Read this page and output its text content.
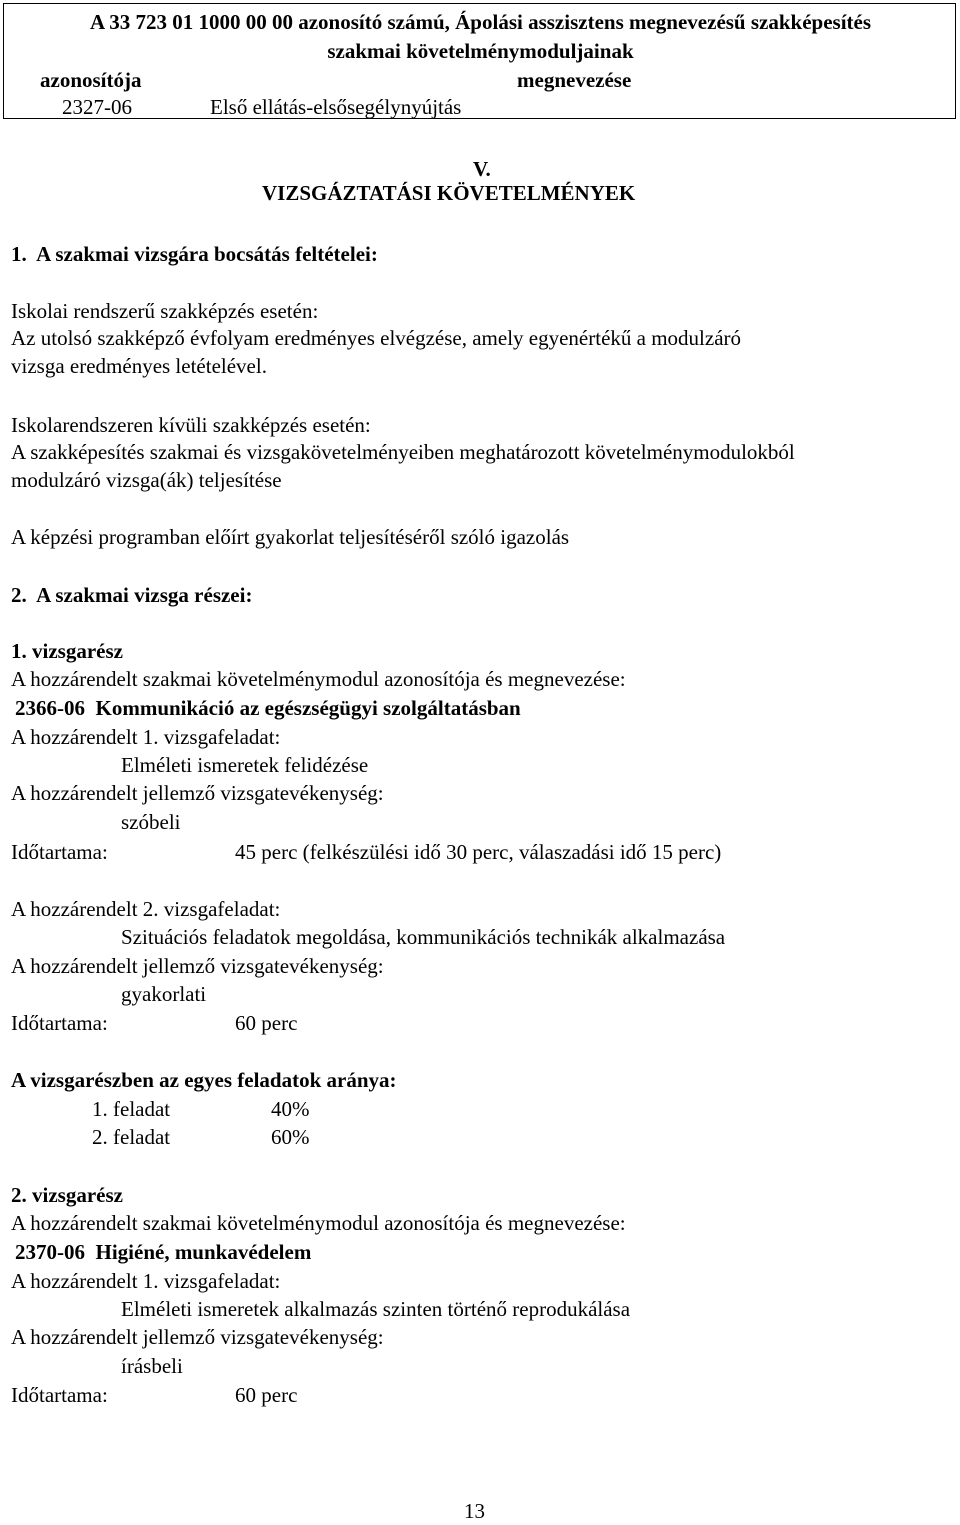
A 33 723 01 1000 00 00 azonosító számú, Ápolási asszisztens megnevezésű szakképesítés
szakmai követelménymoduljainak
azonosítója	megnevezése
2327-06	Első ellátás-elsősegélynyújtás
V.
VIZSGÁZTATÁSI KÖVETELMÉNYEK
1.  A szakmai vizsgára bocsátás feltételei:
Iskolai rendszerű szakképzés esetén:
Az utolsó szakképző évfolyam eredményes elvégzése, amely egyenértékű a modulzáró
vizsga eredményes letételével.
Iskolarendszeren kívüli szakképzés esetén:
A szakképesítés szakmai és vizsgakövetelményeiben meghatározott követelménymodulokból
modulzáró vizsga(ák) teljesítése
A képzési programban előírt gyakorlat teljesítéséről szóló igazolás
2.  A szakmai vizsga részei:
1. vizsgarész
A hozzárendelt szakmai követelménymodul azonosítója és megnevezése:
2366-06  Kommunikáció az egészségügyi szolgáltatásban
A hozzárendelt 1. vizsgafeladat:
Elméleti ismeretek felidézése
A hozzárendelt jellemző vizsgatevékenység:
szóbeli
Időtartama:	45 perc (felkészülési idő 30 perc, válaszadási idő 15 perc)
A hozzárendelt 2. vizsgafeladat:
Szituációs feladatok megoldása, kommunikációs technikák alkalmazása
A hozzárendelt jellemző vizsgatevékenység:
gyakorlati
Időtartama:	60 perc
A vizsgarészben az egyes feladatok aránya:
1. feladat	40%
2. feladat	60%
2. vizsgarész
A hozzárendelt szakmai követelménymodul azonosítója és megnevezése:
2370-06  Higiéné, munkavédelem
A hozzárendelt 1. vizsgafeladat:
Elméleti ismeretek alkalmazás szinten történő reprodukálása
A hozzárendelt jellemző vizsgatevékenység:
írásbeli
Időtartama:	60 perc
13
